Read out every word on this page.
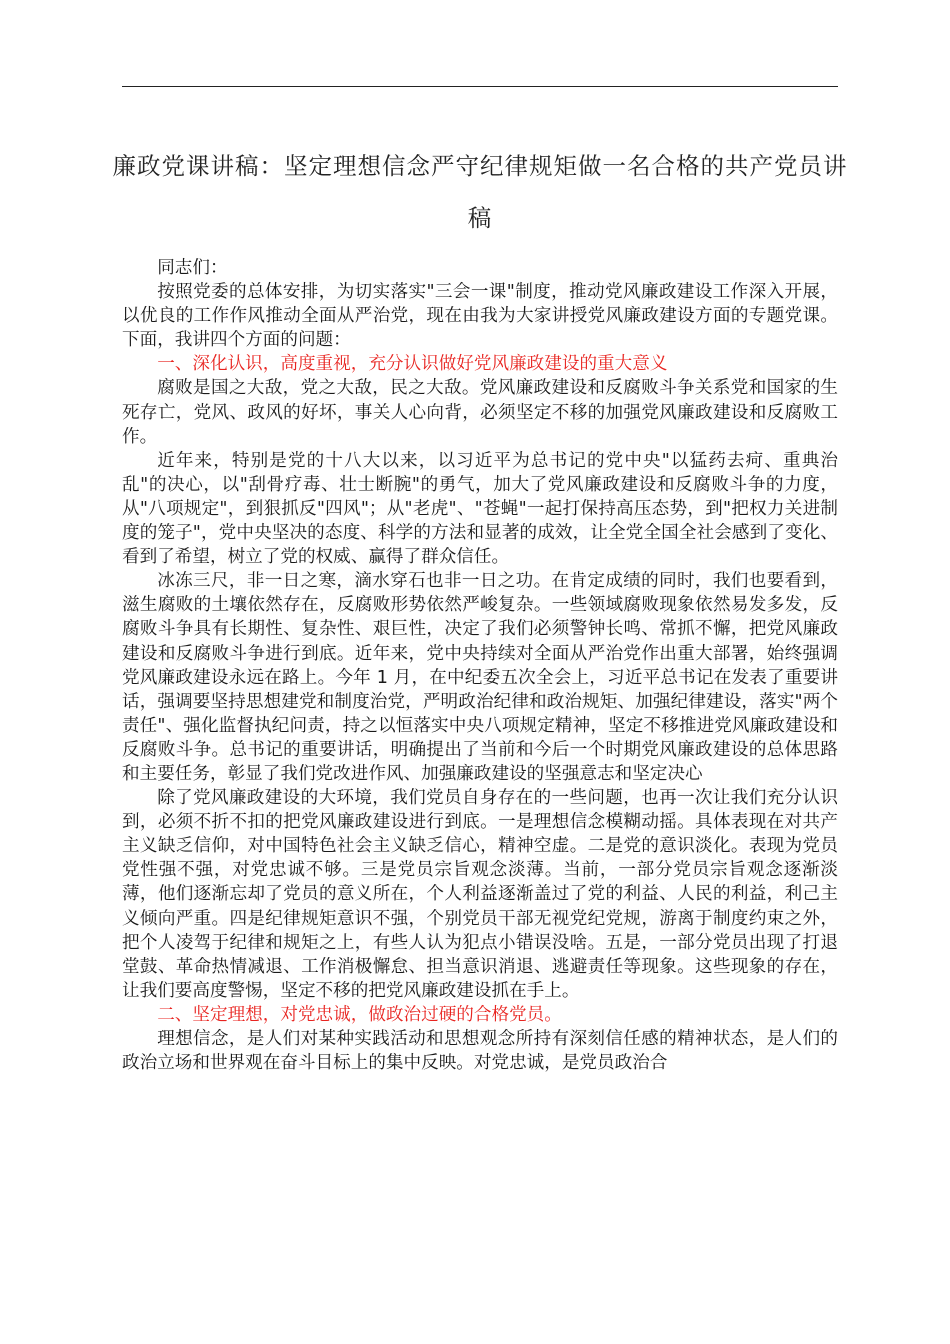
廉政党课讲稿：坚定理想信念严守纪律规矩做一名合格的共产党员讲稿

同志们：

按照党委的总体安排，为切实落实"三会一课"制度，推动党风廉政建设工作深入开展，以优良的工作作风推动全面从严治党，现在由我为大家讲授党风廉政建设方面的专题党课。下面，我讲四个方面的问题：

一、深化认识，高度重视，充分认识做好党风廉政建设的重大意义

腐败是国之大敌，党之大敌，民之大敌。党风廉政建设和反腐败斗争关系党和国家的生死存亡，党风、政风的好坏，事关人心向背，必须坚定不移的加强党风廉政建设和反腐败工作。

近年来，特别是党的十八大以来，以习近平为总书记的党中央"以猛药去疴、重典治乱"的决心，以"刮骨疗毒、壮士断腕"的勇气，加大了党风廉政建设和反腐败斗争的力度，从"八项规定"，到狠抓反"四风"；从"老虎"、"苍蝇"一起打保持高压态势，到"把权力关进制度的笼子"，党中央坚决的态度、科学的方法和显著的成效，让全党全国全社会感到了变化、看到了希望，树立了党的权威、赢得了群众信任。

冰冻三尺，非一日之寒，滴水穿石也非一日之功。在肯定成绩的同时，我们也要看到，滋生腐败的土壤依然存在，反腐败形势依然严峻复杂。一些领域腐败现象依然易发多发，反腐败斗争具有长期性、复杂性、艰巨性，决定了我们必须警钟长鸣、常抓不懈，把党风廉政建设和反腐败斗争进行到底。近年来，党中央持续对全面从严治党作出重大部署，始终强调党风廉政建设永远在路上。今年 1 月，在中纪委五次全会上，习近平总书记在发表了重要讲话，强调要坚持思想建党和制度治党，严明政治纪律和政治规矩、加强纪律建设，落实"两个责任"、强化监督执纪问责，持之以恒落实中央八项规定精神，坚定不移推进党风廉政建设和反腐败斗争。总书记的重要讲话，明确提出了当前和今后一个时期党风廉政建设的总体思路和主要任务，彰显了我们党改进作风、加强廉政建设的坚强意志和坚定决心

除了党风廉政建设的大环境，我们党员自身存在的一些问题，也再一次让我们充分认识到，必须不折不扣的把党风廉政建设进行到底。一是理想信念模糊动摇。具体表现在对共产主义缺乏信仰，对中国特色社会主义缺乏信心，精神空虚。二是党的意识淡化。表现为党员党性强不强，对党忠诚不够。三是党员宗旨观念淡薄。当前，一部分党员宗旨观念逐渐淡薄，他们逐渐忘却了党员的意义所在，个人利益逐渐盖过了党的利益、人民的利益，利己主义倾向严重。四是纪律规矩意识不强，个别党员干部无视党纪党规，游离于制度约束之外，把个人凌驾于纪律和规矩之上，有些人认为犯点小错误没啥。五是，一部分党员出现了打退堂鼓、革命热情减退、工作消极懈怠、担当意识消退、逃避责任等现象。这些现象的存在，让我们要高度警惕，坚定不移的把党风廉政建设抓在手上。

二、坚定理想，对党忠诚，做政治过硬的合格党员。

理想信念，是人们对某种实践活动和思想观念所持有深刻信任感的精神状态，是人们的政治立场和世界观在奋斗目标上的集中反映。对党忠诚，是党员政治合
